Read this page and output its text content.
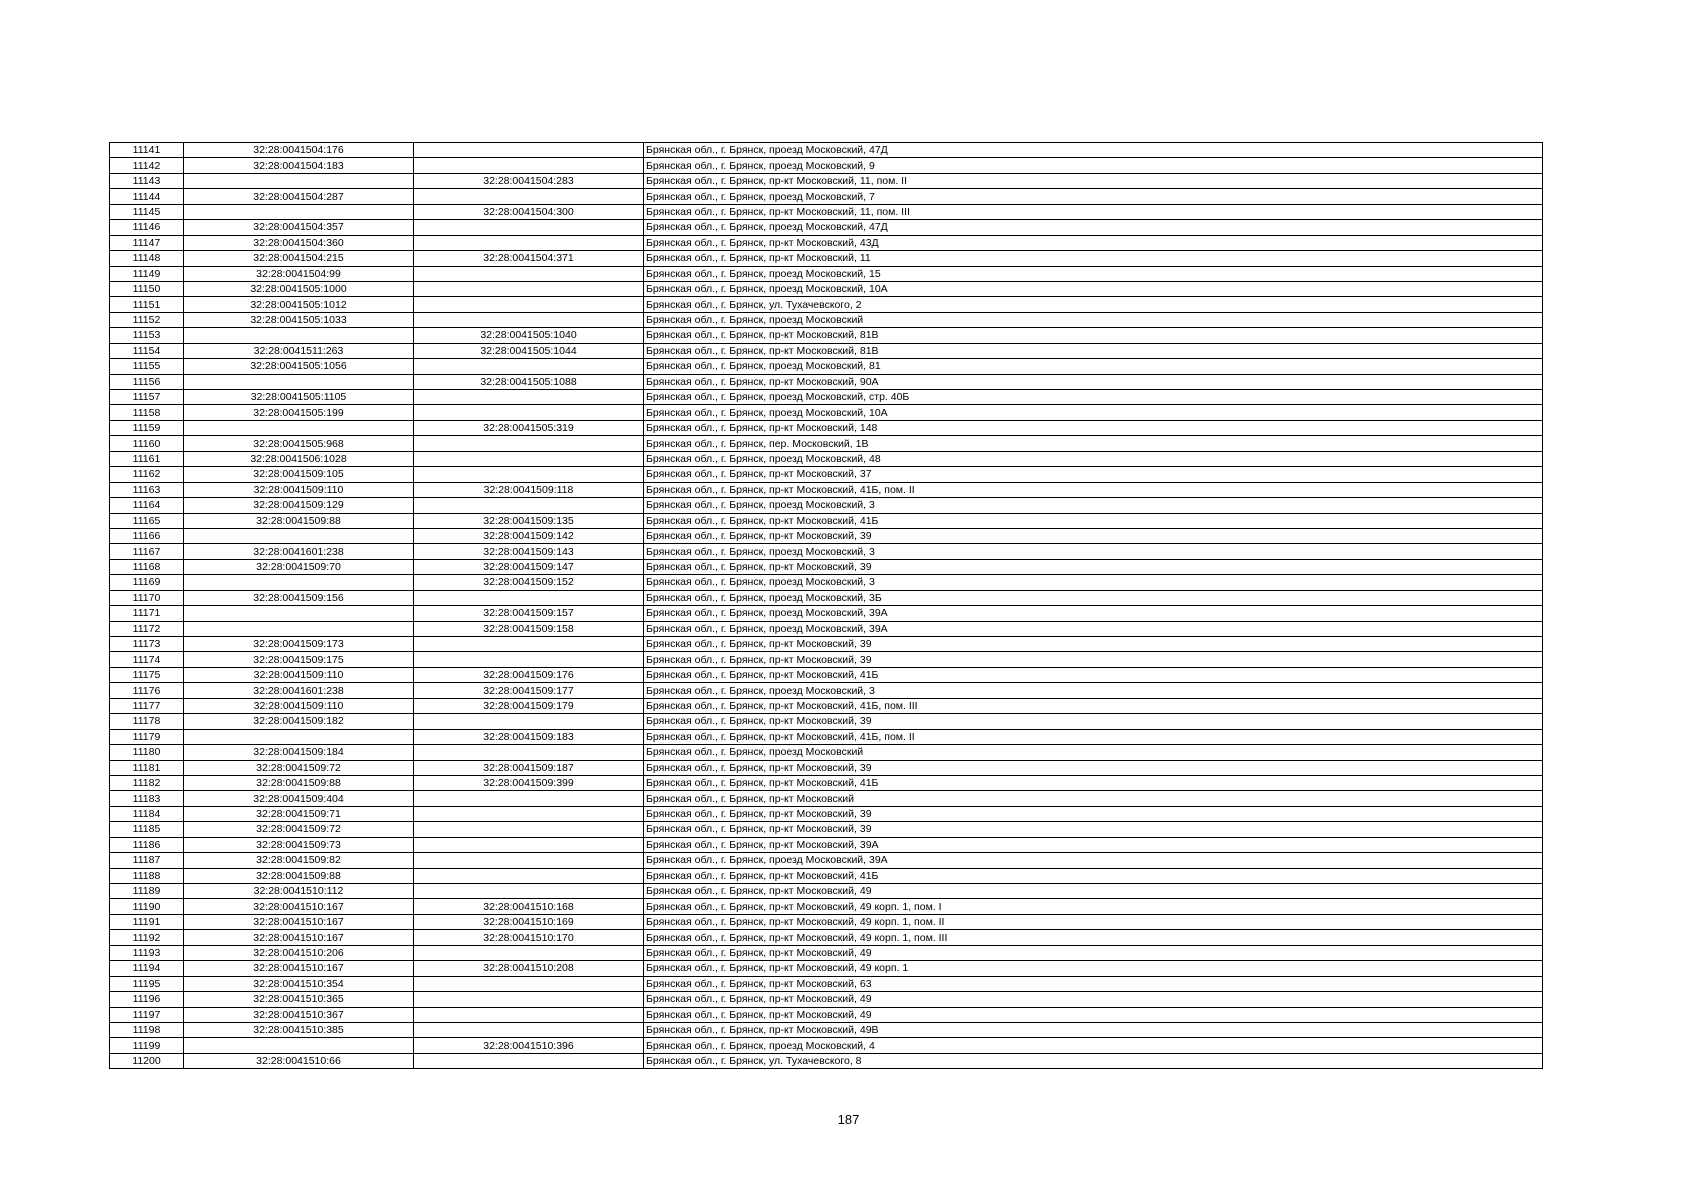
11141	32:28:0041504:176		Брянская обл., г. Брянск, проезд Московский, 47Д
11142	32:28:0041504:183		Брянская обл., г. Брянск, проезд Московский, 9
11143		32:28:0041504:283	Брянская обл., г. Брянск, пр-кт Московский, 11, пом. II
11144	32:28:0041504:287		Брянская обл., г. Брянск, проезд Московский, 7
11145		32:28:0041504:300	Брянская обл., г. Брянск, пр-кт Московский, 11, пом. III
11146	32:28:0041504:357		Брянская обл., г. Брянск, проезд Московский, 47Д
11147	32:28:0041504:360		Брянская обл., г. Брянск, пр-кт Московский, 43Д
11148	32:28:0041504:215	32:28:0041504:371	Брянская обл., г. Брянск, пр-кт Московский, 11
11149	32:28:0041504:99		Брянская обл., г. Брянск, проезд Московский, 15
11150	32:28:0041505:1000		Брянская обл., г. Брянск, проезд Московский, 10А
11151	32:28:0041505:1012		Брянская обл., г. Брянск, ул. Тухачевского, 2
11152	32:28:0041505:1033		Брянская обл., г. Брянск, проезд Московский
11153		32:28:0041505:1040	Брянская обл., г. Брянск, пр-кт Московский, 81В
11154	32:28:0041511:263	32:28:0041505:1044	Брянская обл., г. Брянск, пр-кт Московский, 81В
11155	32:28:0041505:1056		Брянская обл., г. Брянск, проезд Московский, 81
11156		32:28:0041505:1088	Брянская обл., г. Брянск, пр-кт Московский, 90А
11157	32:28:0041505:1105		Брянская обл., г. Брянск, проезд Московский, стр. 40Б
11158	32:28:0041505:199		Брянская обл., г. Брянск, проезд Московский, 10А
11159		32:28:0041505:319	Брянская обл., г. Брянск, пр-кт Московский, 148
11160	32:28:0041505:968		Брянская обл., г. Брянск, пер. Московский, 1В
11161	32:28:0041506:1028		Брянская обл., г. Брянск, проезд Московский, 48
11162	32:28:0041509:105		Брянская обл., г. Брянск, пр-кт Московский, 37
11163	32:28:0041509:110	32:28:0041509:118	Брянская обл., г. Брянск, пр-кт Московский, 41Б, пом. II
11164	32:28:0041509:129		Брянская обл., г. Брянск, проезд Московский, 3
11165	32:28:0041509:88	32:28:0041509:135	Брянская обл., г. Брянск, пр-кт Московский, 41Б
11166		32:28:0041509:142	Брянская обл., г. Брянск, пр-кт Московский, 39
11167	32:28:0041601:238	32:28:0041509:143	Брянская обл., г. Брянск, проезд Московский, 3
11168	32:28:0041509:70	32:28:0041509:147	Брянская обл., г. Брянск, пр-кт Московский, 39
11169		32:28:0041509:152	Брянская обл., г. Брянск, проезд Московский, 3
11170	32:28:0041509:156		Брянская обл., г. Брянск, проезд Московский, 3Б
11171		32:28:0041509:157	Брянская обл., г. Брянск, проезд Московский, 39А
11172		32:28:0041509:158	Брянская обл., г. Брянск, проезд Московский, 39А
11173	32:28:0041509:173		Брянская обл., г. Брянск, пр-кт Московский, 39
11174	32:28:0041509:175		Брянская обл., г. Брянск, пр-кт Московский, 39
11175	32:28:0041509:110	32:28:0041509:176	Брянская обл., г. Брянск, пр-кт Московский, 41Б
11176	32:28:0041601:238	32:28:0041509:177	Брянская обл., г. Брянск, проезд Московский, 3
11177	32:28:0041509:110	32:28:0041509:179	Брянская обл., г. Брянск, пр-кт Московский, 41Б, пом. III
11178	32:28:0041509:182		Брянская обл., г. Брянск, пр-кт Московский, 39
11179		32:28:0041509:183	Брянская обл., г. Брянск, пр-кт Московский, 41Б, пом. II
11180	32:28:0041509:184		Брянская обл., г. Брянск, проезд Московский
11181	32:28:0041509:72	32:28:0041509:187	Брянская обл., г. Брянск, пр-кт Московский, 39
11182	32:28:0041509:88	32:28:0041509:399	Брянская обл., г. Брянск, пр-кт Московский, 41Б
11183	32:28:0041509:404		Брянская обл., г. Брянск, пр-кт Московский
11184	32:28:0041509:71		Брянская обл., г. Брянск, пр-кт Московский, 39
11185	32:28:0041509:72		Брянская обл., г. Брянск, пр-кт Московский, 39
11186	32:28:0041509:73		Брянская обл., г. Брянск, пр-кт Московский, 39А
11187	32:28:0041509:82		Брянская обл., г. Брянск, проезд Московский, 39А
11188	32:28:0041509:88		Брянская обл., г. Брянск, пр-кт Московский, 41Б
11189	32:28:0041510:112		Брянская обл., г. Брянск, пр-кт Московский, 49
11190	32:28:0041510:167	32:28:0041510:168	Брянская обл., г. Брянск, пр-кт Московский, 49 корп. 1, пом. I
11191	32:28:0041510:167	32:28:0041510:169	Брянская обл., г. Брянск, пр-кт Московский, 49 корп. 1, пом. II
11192	32:28:0041510:167	32:28:0041510:170	Брянская обл., г. Брянск, пр-кт Московский, 49 корп. 1, пом. III
11193	32:28:0041510:206		Брянская обл., г. Брянск, пр-кт Московский, 49
11194	32:28:0041510:167	32:28:0041510:208	Брянская обл., г. Брянск, пр-кт Московский, 49 корп. 1
11195	32:28:0041510:354		Брянская обл., г. Брянск, пр-кт Московский, 63
11196	32:28:0041510:365		Брянская обл., г. Брянск, пр-кт Московский, 49
11197	32:28:0041510:367		Брянская обл., г. Брянск, пр-кт Московский, 49
11198	32:28:0041510:385		Брянская обл., г. Брянск, пр-кт Московский, 49В
11199		32:28:0041510:396	Брянская обл., г. Брянск, проезд Московский, 4
11200	32:28:0041510:66		Брянская обл., г. Брянск, ул. Тухачевского, 8
187
